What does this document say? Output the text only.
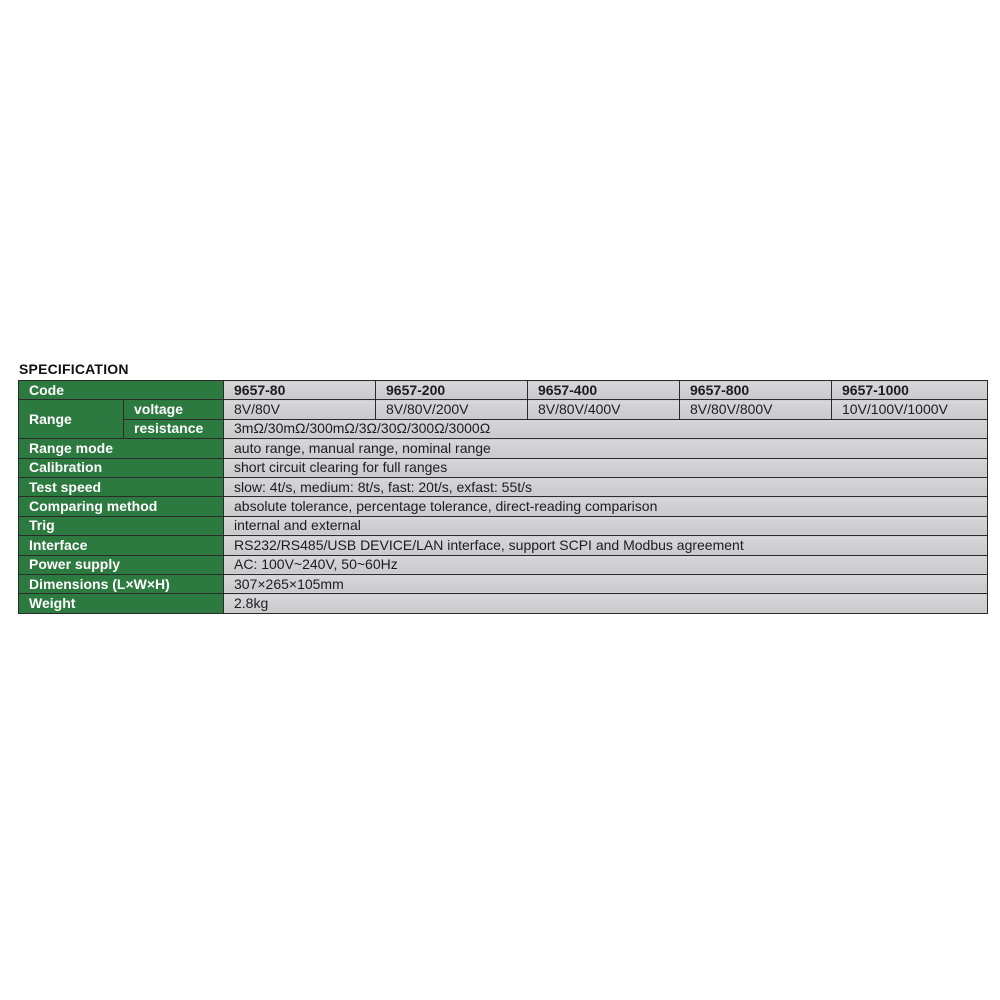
SPECIFICATION
Code		9657-80	9657-200	9657-400	9657-800	9657-1000
Range	voltage	8V/80V	8V/80V/200V	8V/80V/400V	8V/80V/800V	10V/100V/1000V
	resistance	3mΩ/30mΩ/300mΩ/3Ω/30Ω/300Ω/3000Ω				
Range mode		auto range, manual range, nominal range				
Calibration		short circuit clearing for full ranges				
Test speed		slow: 4t/s, medium: 8t/s, fast: 20t/s, exfast: 55t/s				
Comparing method		absolute tolerance, percentage tolerance, direct-reading comparison				
Trig		internal and external				
Interface		RS232/RS485/USB DEVICE/LAN interface, support SCPI and Modbus agreement				
Power supply		AC: 100V~240V, 50~60Hz				
Dimensions (L×W×H)		307×265×105mm				
Weight		2.8kg				
